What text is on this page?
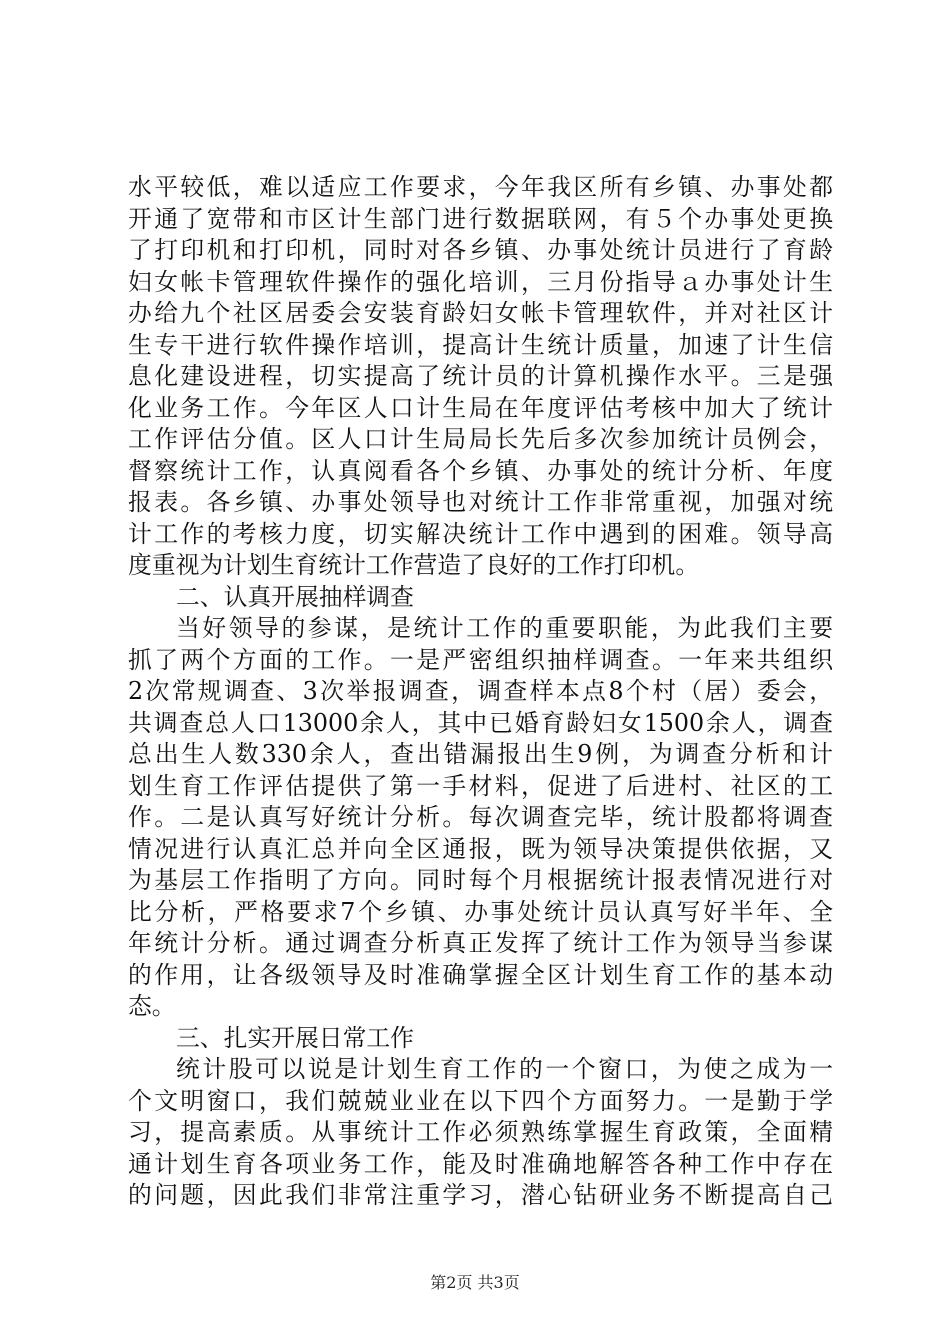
水平较低，难以适应工作要求，今年我区所有乡镇、办事处都
开通了宽带和市区计生部门进行数据联网，有５个办事处更换
了打印机和打印机，同时对各乡镇、办事处统计员进行了育龄
妇女帐卡管理软件操作的强化培训，三月份指导ａ办事处计生
办给九个社区居委会安装育龄妇女帐卡管理软件，并对社区计
生专干进行软件操作培训，提高计生统计质量，加速了计生信
息化建设进程，切实提高了统计员的计算机操作水平。三是强
化业务工作。今年区人口计生局在年度评估考核中加大了统计
工作评估分值。区人口计生局局长先后多次参加统计员例会，
督察统计工作，认真阅看各个乡镇、办事处的统计分析、年度
报表。各乡镇、办事处领导也对统计工作非常重视，加强对统
计工作的考核力度，切实解决统计工作中遇到的困难。领导高
度重视为计划生育统计工作营造了良好的工作打印机。
二、认真开展抽样调查
当好领导的参谋，是统计工作的重要职能，为此我们主要
抓了两个方面的工作。一是严密组织抽样调查。一年来共组织
2次常规调查、3次举报调查，调查样本点8个村（居）委会，
共调查总人口13000余人，其中已婚育龄妇女1500余人，调查
总出生人数330余人，查出错漏报出生9例，为调查分析和计
划生育工作评估提供了第一手材料，促进了后进村、社区的工
作。二是认真写好统计分析。每次调查完毕，统计股都将调查
情况进行认真汇总并向全区通报，既为领导决策提供依据，又
为基层工作指明了方向。同时每个月根据统计报表情况进行对
比分析，严格要求7个乡镇、办事处统计员认真写好半年、全
年统计分析。通过调查分析真正发挥了统计工作为领导当参谋
的作用，让各级领导及时准确掌握全区计划生育工作的基本动
态。
三、扎实开展日常工作
统计股可以说是计划生育工作的一个窗口，为使之成为一
个文明窗口，我们兢兢业业在以下四个方面努力。一是勤于学
习，提高素质。从事统计工作必须熟练掌握生育政策，全面精
通计划生育各项业务工作，能及时准确地解答各种工作中存在
的问题，因此我们非常注重学习，潜心钻研业务不断提高自己
第2页 共3页
